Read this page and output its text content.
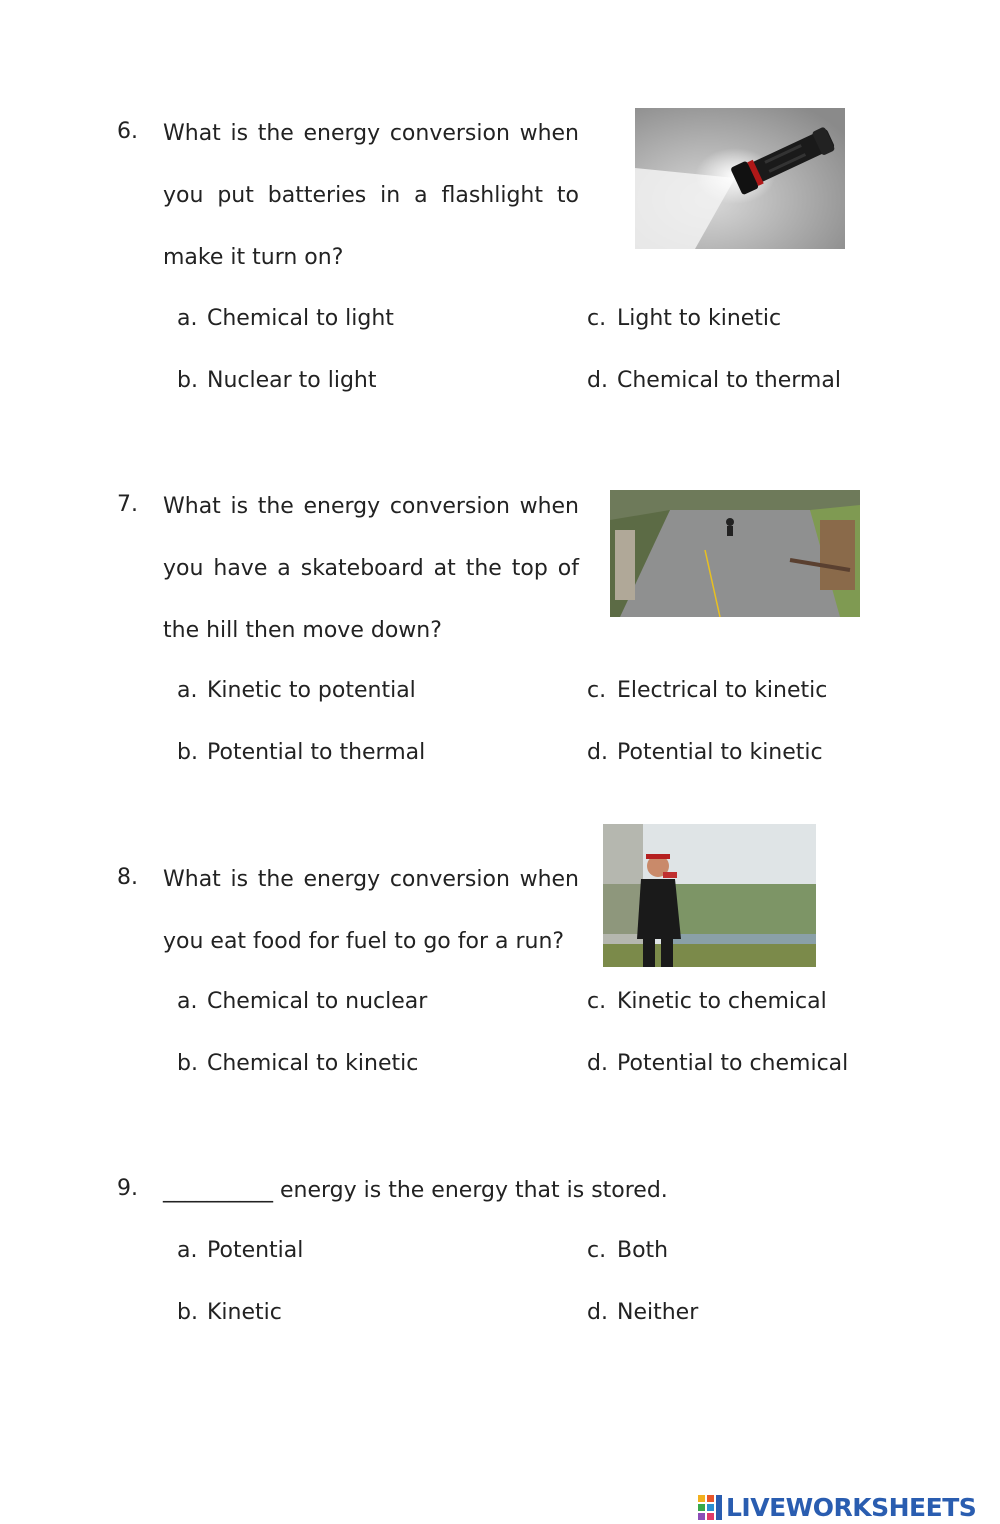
6. What is the energy conversion when you put batteries in a flashlight to make it turn on?
a. Chemical to light
b. Nuclear to light
c. Light to kinetic
d. Chemical to thermal
7. What is the energy conversion when you have a skateboard at the top of the hill then move down?
a. Kinetic to potential
b. Potential to thermal
c. Electrical to kinetic
d. Potential to kinetic
8. What is the energy conversion when you eat food for fuel to go for a run?
a. Chemical to nuclear
b. Chemical to kinetic
c. Kinetic to chemical
d. Potential to chemical
9. __________ energy is the energy that is stored.
a. Potential
b. Kinetic
c. Both
d. Neither
LIVEWORKSHEETS
